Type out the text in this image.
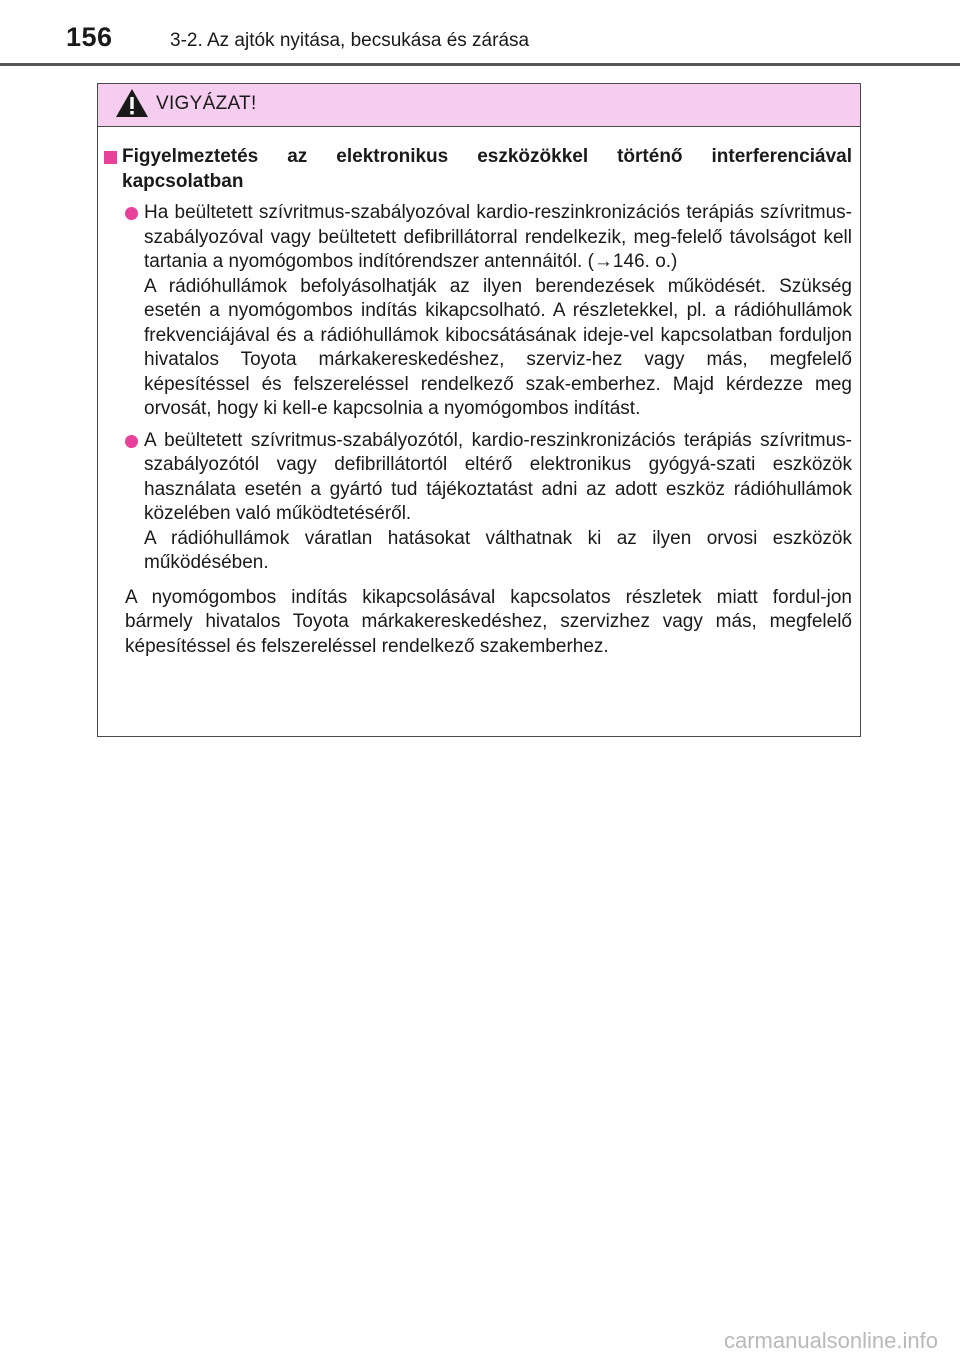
156	3-2. Az ajtók nyitása, becsukása és zárása
VIGYÁZAT!
Figyelmeztetés az elektronikus eszközökkel történő interferenciával kapcsolatban

Ha beültetett szívritmus-szabályozóval kardio-reszinkronizációs terápiás szívritmus-szabályozóval vagy beültetett defibrillátorral rendelkezik, meg-felelő távolságot kell tartania a nyomógombos indítórendszer antennáitól. (→146. o.)

A rádióhullámok befolyásolhatják az ilyen berendezések működését. Szükség esetén a nyomógombos indítás kikapcsolható. A részletekkel, pl. a rádióhullámok frekvenciájával és a rádióhullámok kibocsátásának ideje-vel kapcsolatban forduljon hivatalos Toyota márkakereskedéshez, szerviz-hez vagy más, megfelelő képesítéssel és felszereléssel rendelkező szak-emberhez. Majd kérdezze meg orvosát, hogy ki kell-e kapcsolnia a nyomógombos indítást.

A beültetett szívritmus-szabályozótól, kardio-reszinkronizációs terápiás szívritmus-szabályozótól vagy defibrillátortól eltérő elektronikus gyógyá-szati eszközök használata esetén a gyártó tud tájékoztatást adni az adott eszköz rádióhullámok közelében való működtetéséről.

A rádióhullámok váratlan hatásokat válthatnak ki az ilyen orvosi eszközök működésében.

A nyomógombos indítás kikapcsolásával kapcsolatos részletek miatt fordul-jon bármely hivatalos Toyota márkakereskedéshez, szervizhez vagy más, megfelelő képesítéssel és felszereléssel rendelkező szakemberhez.

carmanualsonline.info
